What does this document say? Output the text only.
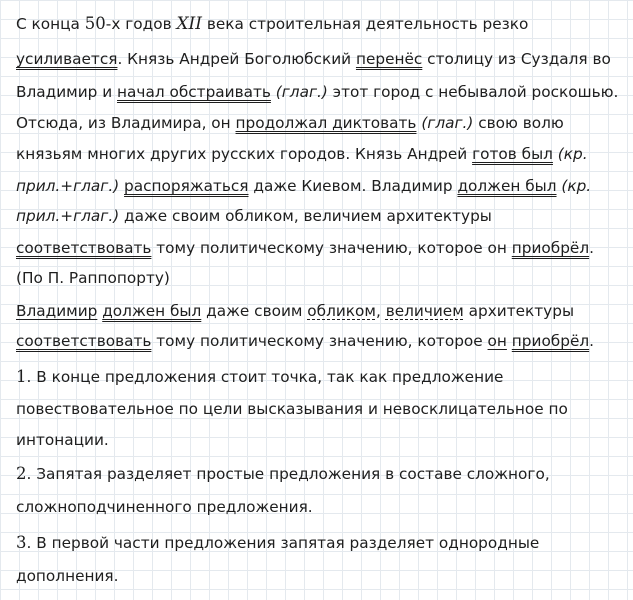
С конца 50-х годов XII века строительная деятельность резко
усиливается. Князь Андрей Боголюбский перенёс столицу из Суздаля во
Владимир и начал обстраивать (глаг.) этот город с небывалой роскошью.
Отсюда, из Владимира, он продолжал диктовать (глаг.) свою волю
князьям многих других русских городов. Князь Андрей готов был (кр.
прил.+глаг.) распоряжаться даже Киевом. Владимир должен был (кр.
прил.+глаг.) даже своим обликом, величием архитектуры
соответствовать тому политическому значению, которое он приобрёл.
(По П. Раппопорту)
Владимир должен был даже своим обликом, величием архитектуры
соответствовать тому политическому значению, которое он приобрёл.
1. В конце предложения стоит точка, так как предложение
повествовательное по цели высказывания и невосклицательное по
интонации.
2. Запятая разделяет простые предложения в составе сложного,
сложноподчиненного предложения.
3. В первой части предложения запятая разделяет однородные
дополнения.
